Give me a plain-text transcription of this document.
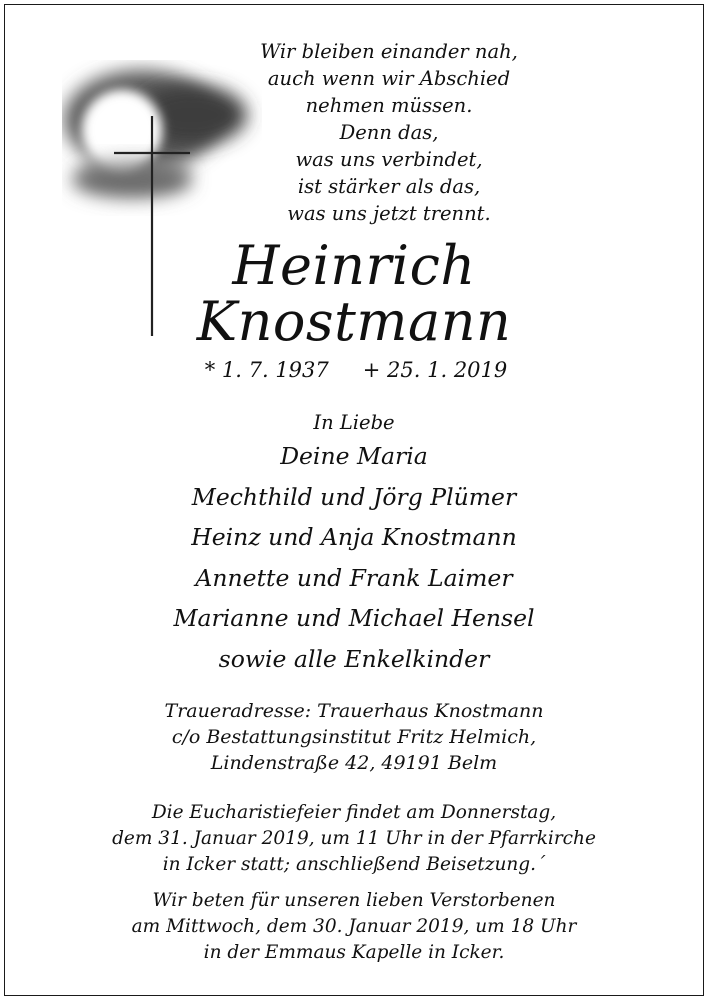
Wir bleiben einander nah,
auch wenn wir Abschied
nehmen müssen.
Denn das,
was uns verbindet,
ist stärker als das,
was uns jetzt trennt.
Heinrich
Knostmann
* 1. 7. 1937 + 25. 1. 2019
In Liebe
Deine Maria
Mechthild und Jörg Plümer
Heinz und Anja Knostmann
Annette und Frank Laimer
Marianne und Michael Hensel
sowie alle Enkelkinder
Traueradresse: Trauerhaus Knostmann
c/o Bestattungsinstitut Fritz Helmich,
Lindenstraße 42, 49191 Belm
Die Eucharistiefeier findet am Donnerstag,
dem 31. Januar 2019, um 11 Uhr in der Pfarrkirche
in Icker statt; anschließend Beisetzung.´
Wir beten für unseren lieben Verstorbenen
am Mittwoch, dem 30. Januar 2019, um 18 Uhr
in der Emmaus Kapelle in Icker.
